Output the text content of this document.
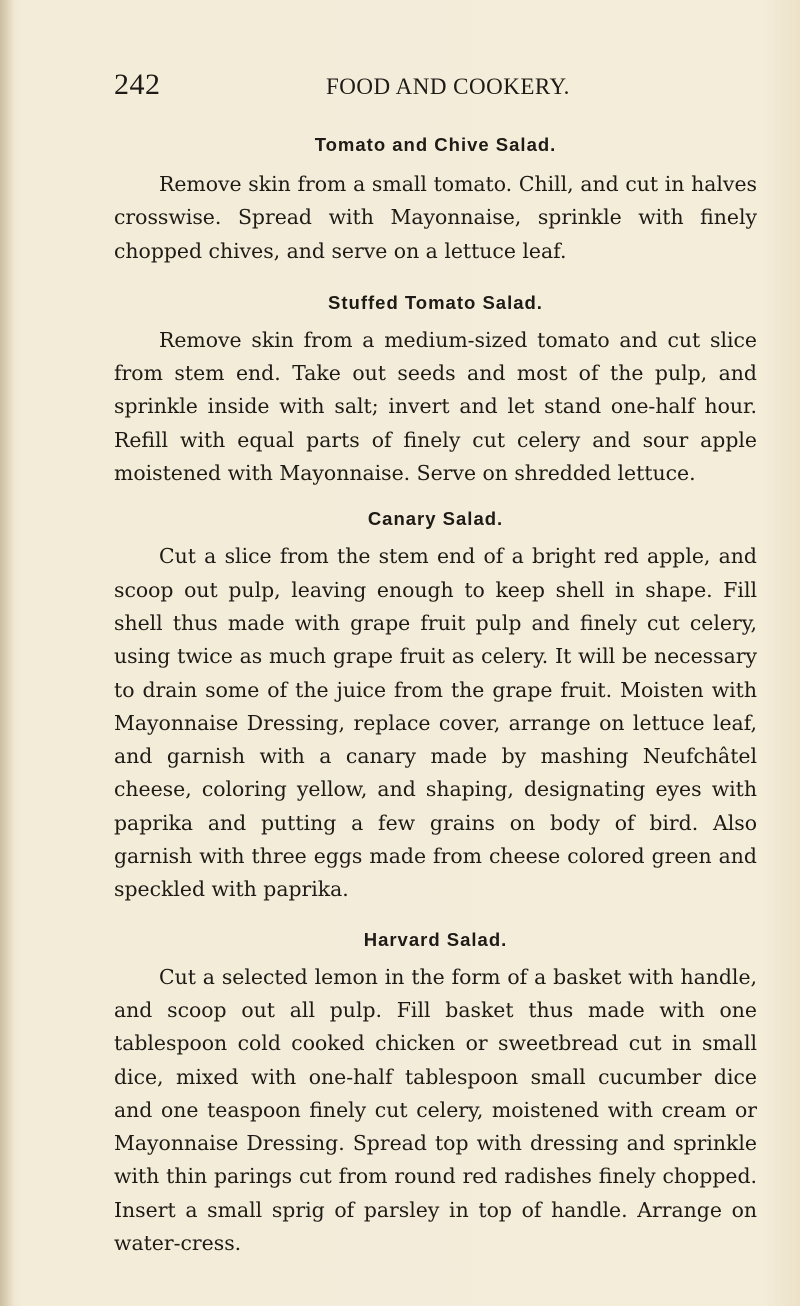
242	FOOD AND COOKERY.

Tomato and Chive Salad.

Remove skin from a small tomato. Chill, and cut in halves crosswise. Spread with Mayonnaise, sprinkle with finely chopped chives, and serve on a lettuce leaf.

Stuffed Tomato Salad.

Remove skin from a medium-sized tomato and cut slice from stem end. Take out seeds and most of the pulp, and sprinkle inside with salt; invert and let stand one-half hour. Refill with equal parts of finely cut celery and sour apple moistened with Mayonnaise. Serve on shredded lettuce.

Canary Salad.

Cut a slice from the stem end of a bright red apple, and scoop out pulp, leaving enough to keep shell in shape. Fill shell thus made with grape fruit pulp and finely cut celery, using twice as much grape fruit as celery. It will be necessary to drain some of the juice from the grape fruit. Moisten with Mayonnaise Dressing, replace cover, arrange on lettuce leaf, and garnish with a canary made by mashing Neufchâtel cheese, coloring yellow, and shaping, designating eyes with paprika and putting a few grains on body of bird. Also garnish with three eggs made from cheese colored green and speckled with paprika.

Harvard Salad.

Cut a selected lemon in the form of a basket with handle, and scoop out all pulp. Fill basket thus made with one tablespoon cold cooked chicken or sweetbread cut in small dice, mixed with one-half tablespoon small cucumber dice and one teaspoon finely cut celery, moistened with cream or Mayonnaise Dressing. Spread top with dressing and sprinkle with thin parings cut from round red radishes finely chopped. Insert a small sprig of parsley in top of handle. Arrange on water-cress.
